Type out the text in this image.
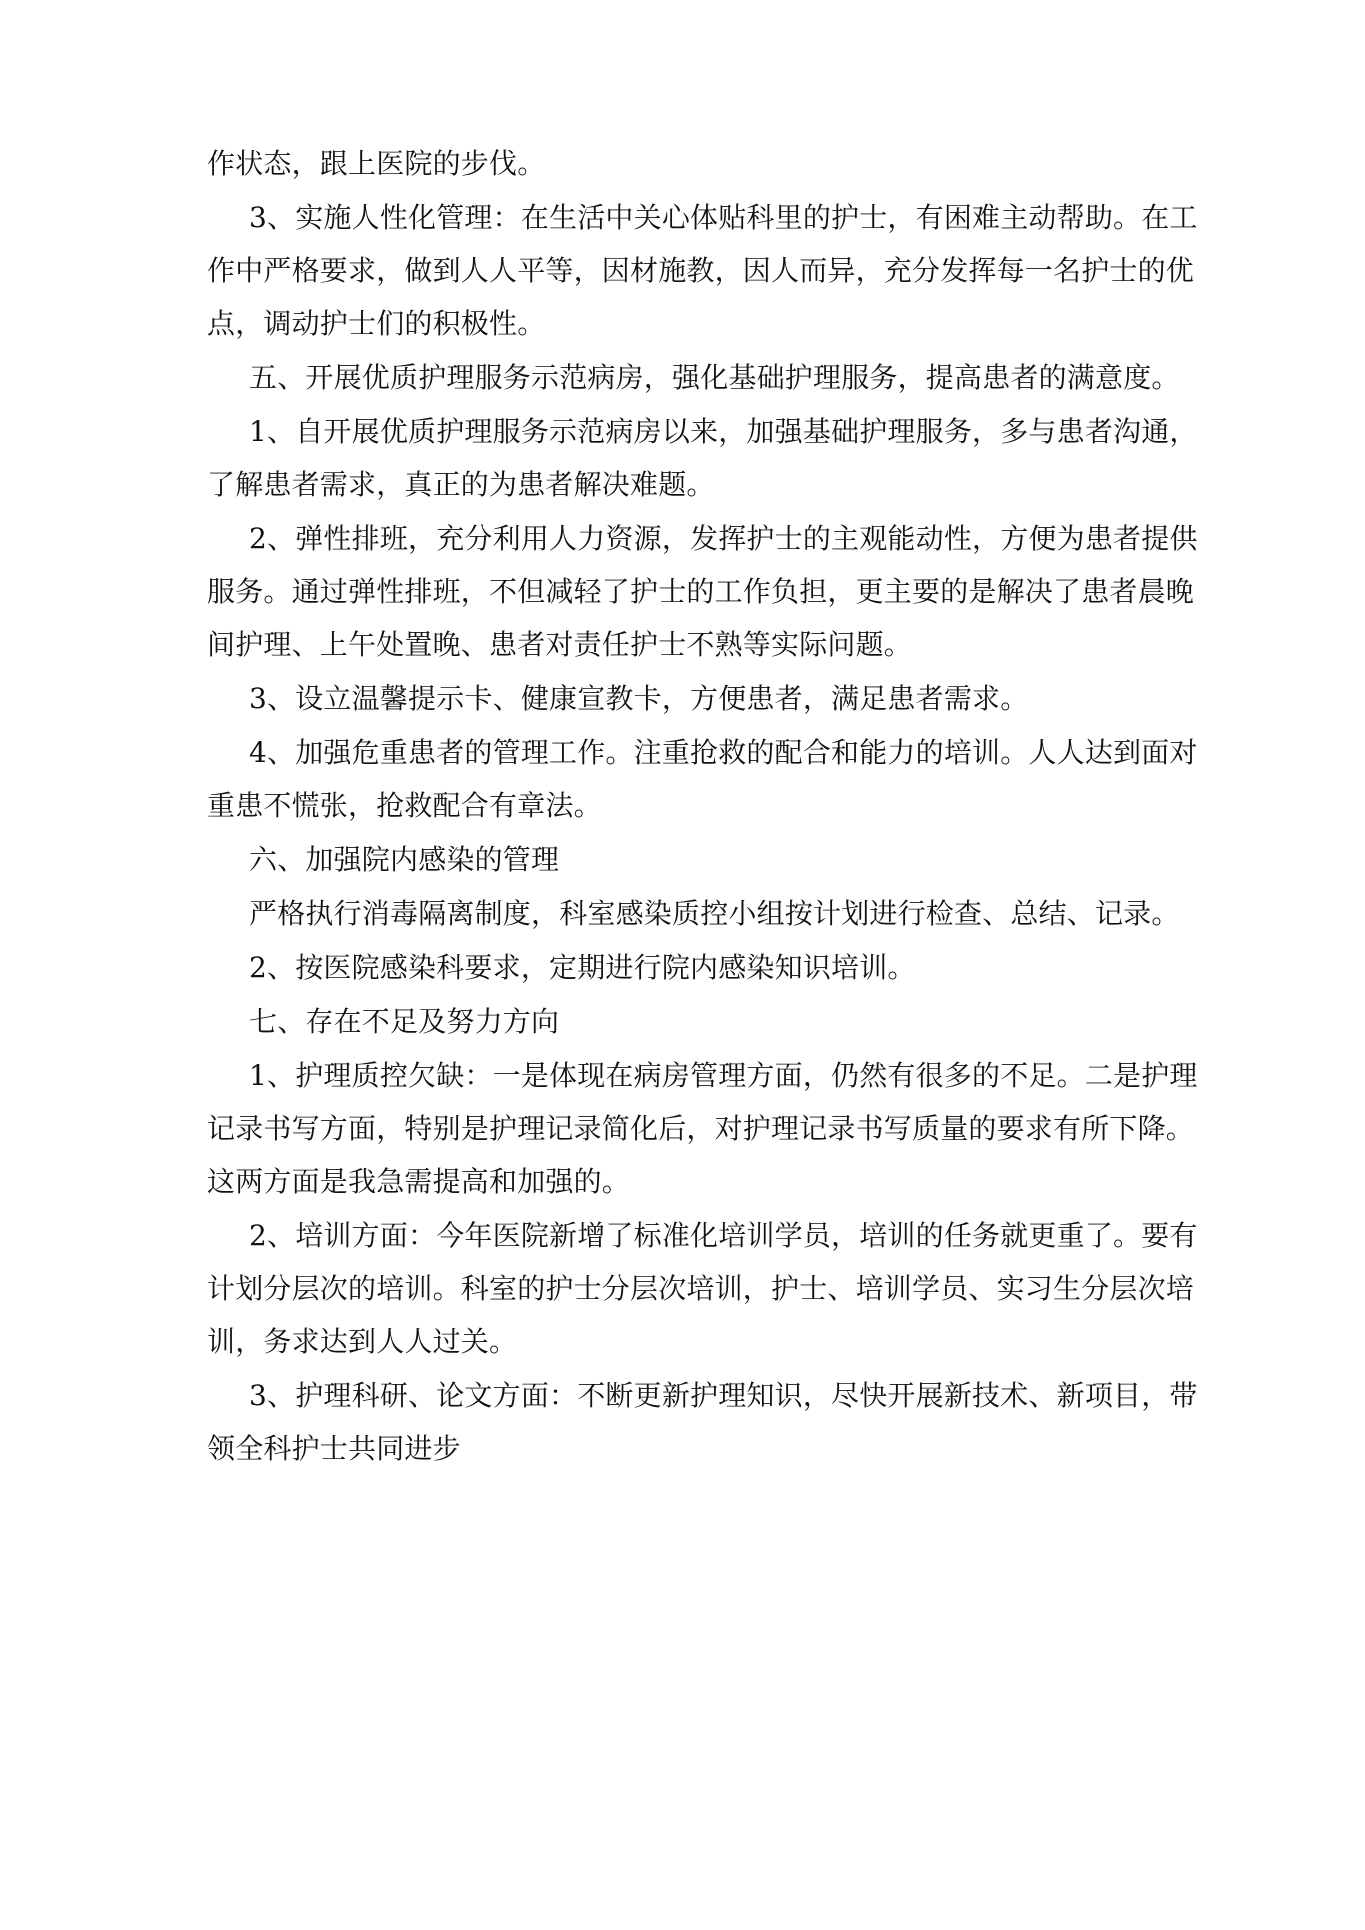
作状态，跟上医院的步伐。

3、实施人性化管理：在生活中关心体贴科里的护士，有困难主动帮助。在工

作中严格要求，做到人人平等，因材施教，因人而异，充分发挥每一名护士的优

点，调动护士们的积极性。

五、开展优质护理服务示范病房，强化基础护理服务，提高患者的满意度。

1、自开展优质护理服务示范病房以来，加强基础护理服务，多与患者沟通，

了解患者需求，真正的为患者解决难题。

2、弹性排班，充分利用人力资源，发挥护士的主观能动性，方便为患者提供

服务。通过弹性排班，不但减轻了护士的工作负担，更主要的是解决了患者晨晚

间护理、上午处置晚、患者对责任护士不熟等实际问题。

3、设立温馨提示卡、健康宣教卡，方便患者，满足患者需求。

4、加强危重患者的管理工作。注重抢救的配合和能力的培训。人人达到面对

重患不慌张，抢救配合有章法。

六、加强院内感染的管理

严格执行消毒隔离制度，科室感染质控小组按计划进行检查、总结、记录。

2、按医院感染科要求，定期进行院内感染知识培训。

七、存在不足及努力方向

1、护理质控欠缺：一是体现在病房管理方面，仍然有很多的不足。二是护理

记录书写方面，特别是护理记录简化后，对护理记录书写质量的要求有所下降。

这两方面是我急需提高和加强的。

2、培训方面：今年医院新增了标准化培训学员，培训的任务就更重了。要有

计划分层次的培训。科室的护士分层次培训，护士、培训学员、实习生分层次培

训，务求达到人人过关。

3、护理科研、论文方面：不断更新护理知识，尽快开展新技术、新项目，带

领全科护士共同进步
